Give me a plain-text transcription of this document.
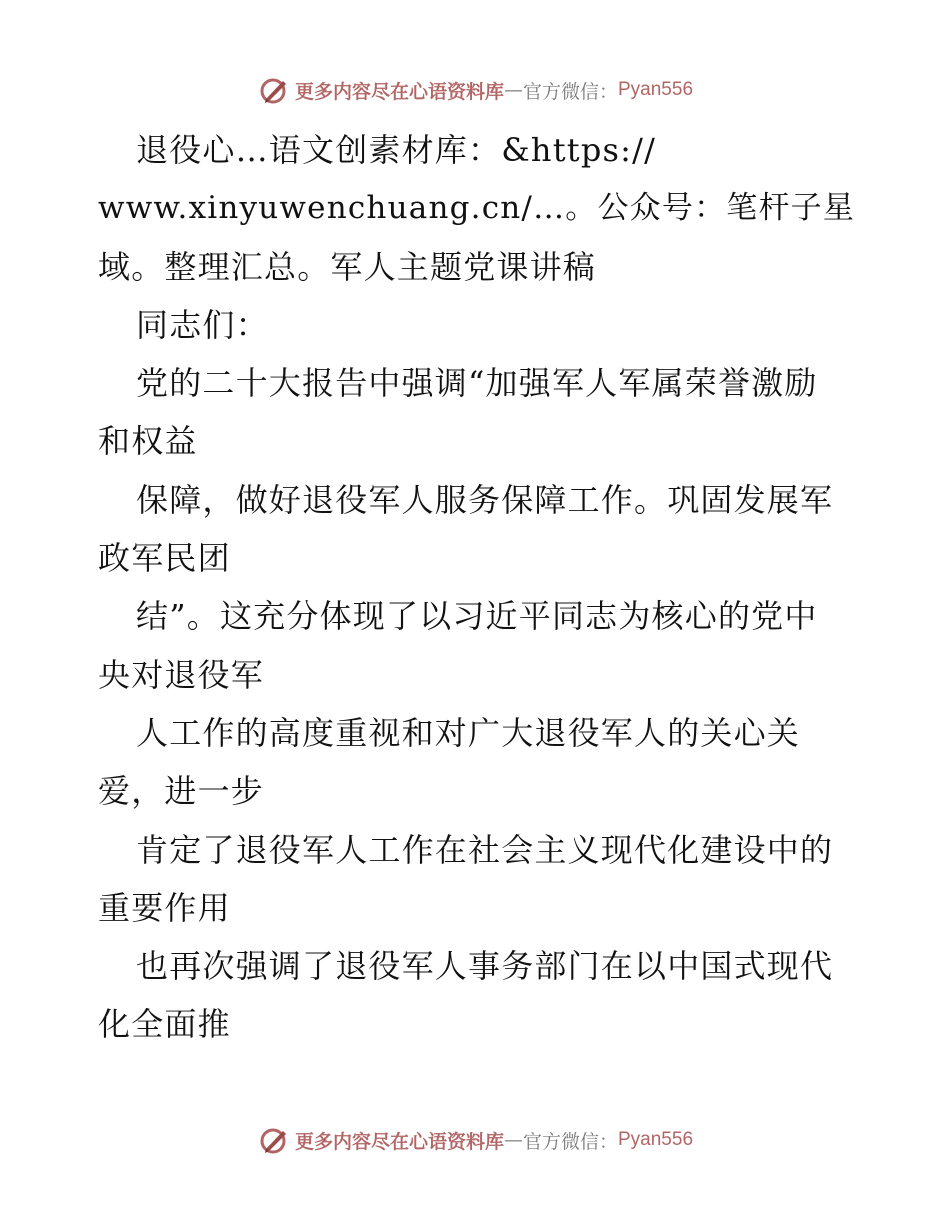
更多内容尽在心语资料库 — 官方微信： Pyan556
退役心…语文创素材库：&https://
www.xinyuwenchuang.cn/…。公众号：笔杆子星
域。整理汇总。军人主题党课讲稿
同志们：
党的二十大报告中强调“加强军人军属荣誉激励
和权益
保障，做好退役军人服务保障工作。巩固发展军
政军民团
结”。这充分体现了以习近平同志为核心的党中
央对退役军
人工作的高度重视和对广大退役军人的关心关
爱，进一步
肯定了退役军人工作在社会主义现代化建设中的
重要作用
也再次强调了退役军人事务部门在以中国式现代
化全面推
更多内容尽在心语资料库 — 官方微信： Pyan556
